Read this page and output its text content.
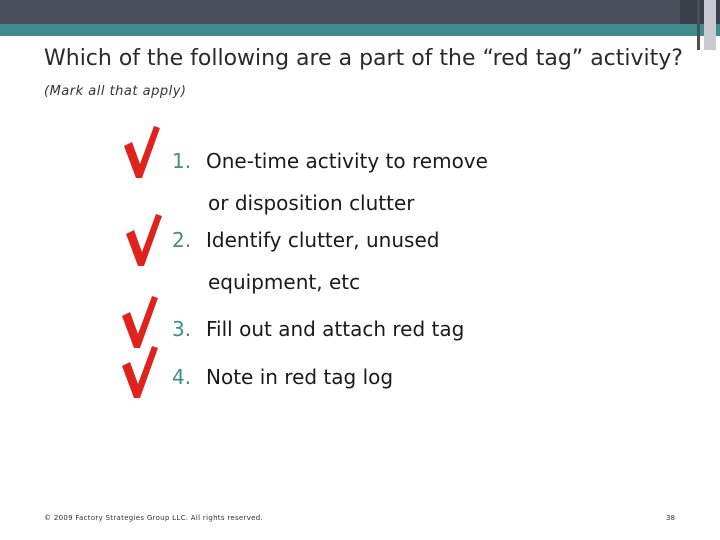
Which of the following are a part of the “red tag” activity? (Mark all that apply)
1. One-time activity to remove
or disposition clutter
2. Identify clutter, unused
equipment, etc
3. Fill out and attach red tag
4. Note in red tag log
© 2009 Factory Strategies Group LLC. All rights reserved.	38
